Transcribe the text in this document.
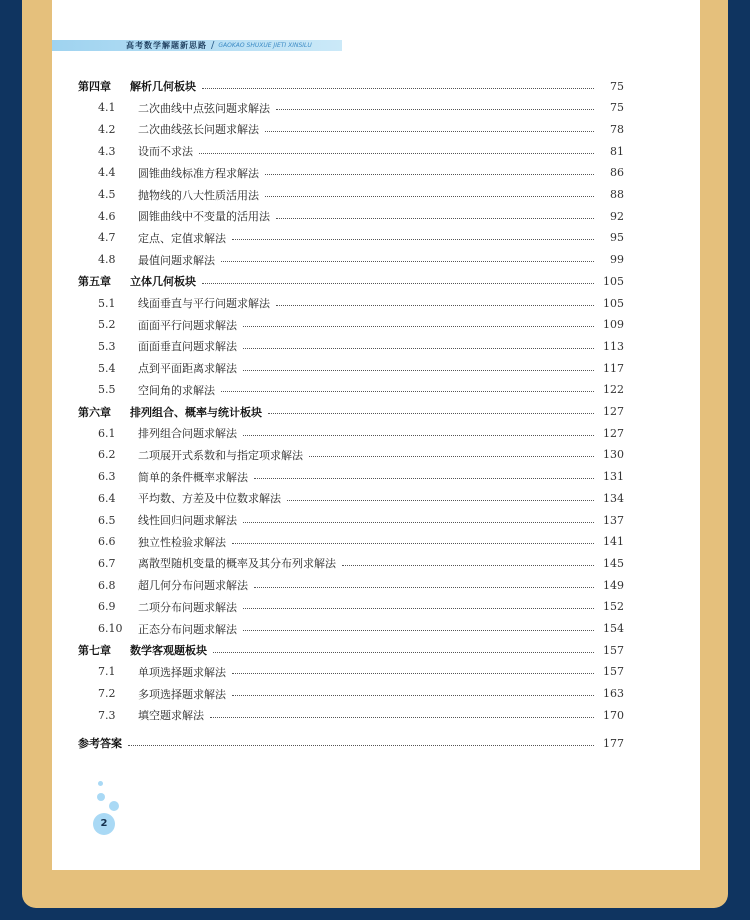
高考数学解题新思路 / GAOKAO SHUXUE JIETI XINSILU
第四章	解析几何板块	75
4.1	二次曲线中点弦问题求解法	75
4.2	二次曲线弦长问题求解法	78
4.3	设而不求法	81
4.4	圆锥曲线标准方程求解法	86
4.5	抛物线的八大性质活用法	88
4.6	圆锥曲线中不变量的活用法	92
4.7	定点、定值求解法	95
4.8	最值问题求解法	99
第五章	立体几何板块	105
5.1	线面垂直与平行问题求解法	105
5.2	面面平行问题求解法	109
5.3	面面垂直问题求解法	113
5.4	点到平面距离求解法	117
5.5	空间角的求解法	122
第六章	排列组合、概率与统计板块	127
6.1	排列组合问题求解法	127
6.2	二项展开式系数和与指定项求解法	130
6.3	简单的条件概率求解法	131
6.4	平均数、方差及中位数求解法	134
6.5	线性回归问题求解法	137
6.6	独立性检验求解法	141
6.7	离散型随机变量的概率及其分布列求解法	145
6.8	超几何分布问题求解法	149
6.9	二项分布问题求解法	152
6.10	正态分布问题求解法	154
第七章	数学客观题板块	157
7.1	单项选择题求解法	157
7.2	多项选择题求解法	163
7.3	填空题求解法	170
参考答案	177
2
